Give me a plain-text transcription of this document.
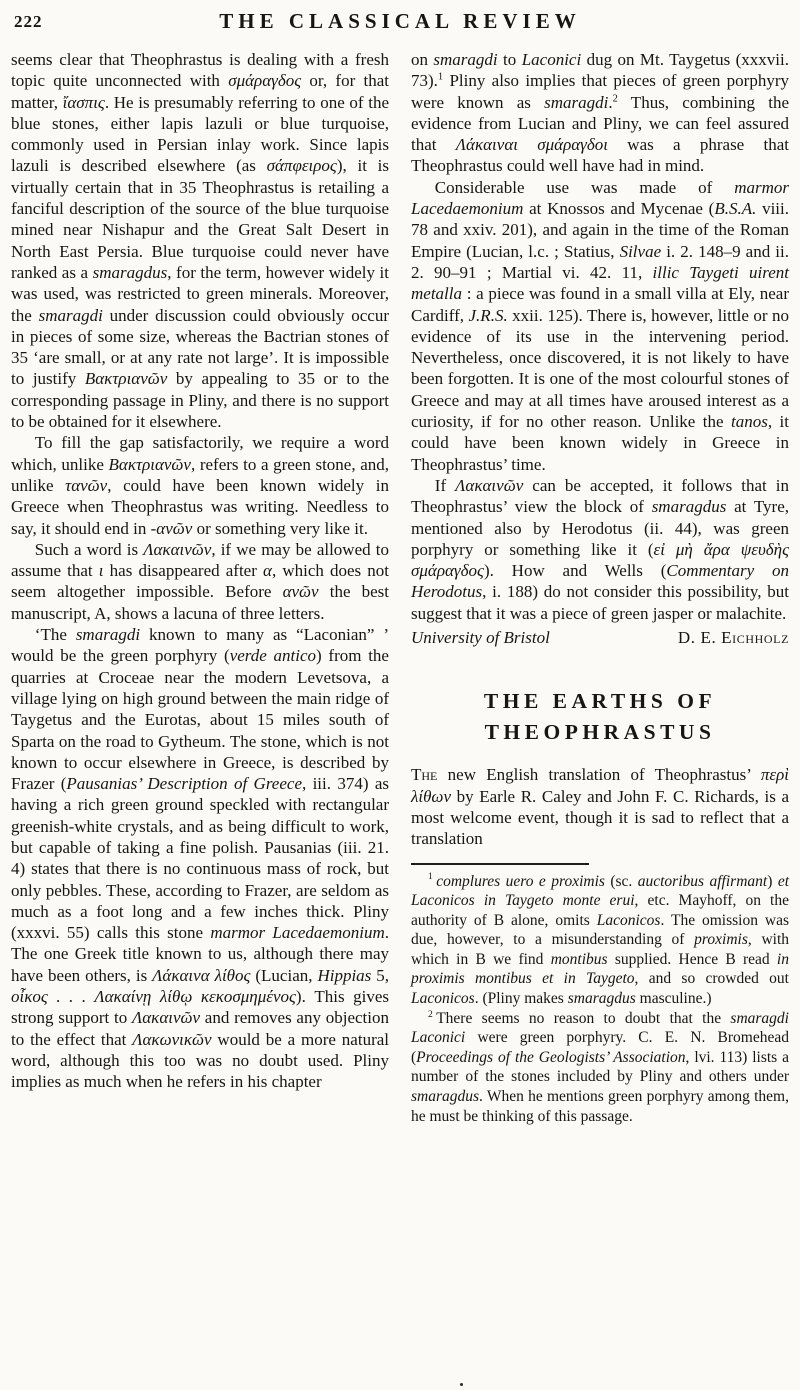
222	THE CLASSICAL REVIEW

seems clear that Theophrastus is dealing with a fresh topic quite unconnected with σμάραγδος or, for that matter, ἴασπις. He is presumably referring to one of the blue stones, either lapis lazuli or blue turquoise, commonly used in Persian inlay work. Since lapis lazuli is described elsewhere (as σάπφειρος), it is virtually certain that in 35 Theophrastus is retailing a fanciful description of the source of the blue turquoise mined near Nishapur and the Great Salt Desert in North East Persia. Blue turquoise could never have ranked as a smaragdus, for the term, however widely it was used, was restricted to green minerals. Moreover, the smaragdi under discussion could obviously occur in pieces of some size, whereas the Bactrian stones of 35 ‘are small, or at any rate not large’. It is impossible to justify Βακτριανῶν by appealing to 35 or to the corresponding passage in Pliny, and there is no support to be obtained for it elsewhere.

To fill the gap satisfactorily, we require a word which, unlike Βακτριανῶν, refers to a green stone, and, unlike τανῶν, could have been known widely in Greece when Theophrastus was writing. Needless to say, it should end in -ανῶν or something very like it.

Such a word is Λακαινῶν, if we may be allowed to assume that ι has disappeared after α, which does not seem altogether impossible. Before ανῶν the best manuscript, A, shows a lacuna of three letters.

‘The smaragdi known to many as “Laconian” ’ would be the green porphyry (verde antico) from the quarries at Croceae near the modern Levetsova, a village lying on high ground between the main ridge of Taygetus and the Eurotas, about 15 miles south of Sparta on the road to Gytheum. The stone, which is not known to occur elsewhere in Greece, is described by Frazer (Pausanias’ Description of Greece, iii. 374) as having a rich green ground speckled with rectangular greenish-white crystals, and as being difficult to work, but capable of taking a fine polish. Pausanias (iii. 21. 4) states that there is no continuous mass of rock, but only pebbles. These, according to Frazer, are seldom as much as a foot long and a few inches thick. Pliny (xxxvi. 55) calls this stone marmor Lacedaemonium. The one Greek title known to us, although there may have been others, is Λάκαινα λίθος (Lucian, Hippias 5, οἶκος . . . Λακαίνῃ λίθῳ κεκοσμημένος). This gives strong support to Λακαινῶν and removes any objection to the effect that Λακωνικῶν would be a more natural word, although this too was no doubt used. Pliny implies as much when he refers in his chapter

on smaragdi to Laconici dug on Mt. Taygetus (xxxvii. 73).$^1$ Pliny also implies that pieces of green porphyry were known as smaragdi.$^2$ Thus, combining the evidence from Lucian and Pliny, we can feel assured that Λάκαιναι σμάραγδοι was a phrase that Theophrastus could well have had in mind.

Considerable use was made of marmor Lacedaemonium at Knossos and Mycenae (B.S.A. viii. 78 and xxiv. 201), and again in the time of the Roman Empire (Lucian, l.c. ; Statius, Silvae i. 2. 148–9 and ii. 2. 90–91 ; Martial vi. 42. 11, illic Taygeti uirent metalla : a piece was found in a small villa at Ely, near Cardiff, J.R.S. xxii. 125). There is, however, little or no evidence of its use in the intervening period. Nevertheless, once discovered, it is not likely to have been forgotten. It is one of the most colourful stones of Greece and may at all times have aroused interest as a curiosity, if for no other reason. Unlike the tanos, it could have been known widely in Greece in Theophrastus’ time.

If Λακαινῶν can be accepted, it follows that in Theophrastus’ view the block of smaragdus at Tyre, mentioned also by Herodotus (ii. 44), was green porphyry or something like it (εἰ μὴ ἄρα ψευδὴς σμάραγδος). How and Wells (Commentary on Herodotus, i. 188) do not consider this possibility, but suggest that it was a piece of green jasper or malachite.

University of Bristol	D. E. Eichholz
THE EARTHS OF
THEOPHRASTUS

The new English translation of Theophrastus’ περὶ λίθων by Earle R. Caley and John F. C. Richards, is a most welcome event, though it is sad to reflect that a translation

$^1$ complures uero e proximis (sc. auctoribus affirmant) et Laconicos in Taygeto monte erui, etc. Mayhoff, on the authority of B alone, omits Laconicos. The omission was due, however, to a misunderstanding of proximis, with which in B we find montibus supplied. Hence B read in proximis montibus et in Taygeto, and so crowded out Laconicos. (Pliny makes smaragdus masculine.)

$^2$ There seems no reason to doubt that the smaragdi Laconici were green porphyry. C. E. N. Bromehead (Proceedings of the Geologists’ Association, lvi. 113) lists a number of the stones included by Pliny and others under smaragdus. When he mentions green porphyry among them, he must be thinking of this passage.
